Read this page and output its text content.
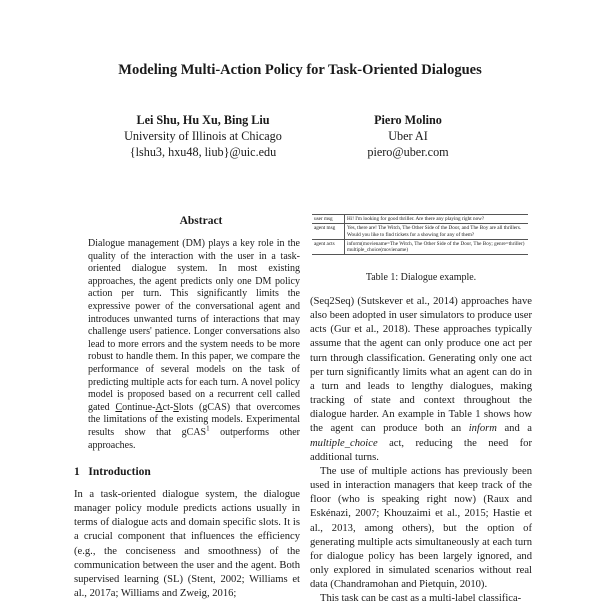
Modeling Multi-Action Policy for Task-Oriented Dialogues
Lei Shu, Hu Xu, Bing Liu
University of Illinois at Chicago
{lshu3, hxu48, liub}@uic.edu
Piero Molino
Uber AI
piero@uber.com
Abstract
Dialogue management (DM) plays a key role in the quality of the interaction with the user in a task-oriented dialogue system. In most existing approaches, the agent predicts only one DM policy action per turn. This significantly limits the expressive power of the conversational agent and introduces unwanted turns of interactions that may challenge users' patience. Longer conversations also lead to more errors and the system needs to be more robust to handle them. In this paper, we compare the performance of several models on the task of predicting multiple acts for each turn. A novel policy model is proposed based on a recurrent cell called gated Continue-Act-Slots (gCAS) that overcomes the limitations of the existing models. Experimental results show that gCAS$^1$ outperforms other approaches.
1 Introduction

In a task-oriented dialogue system, the dialogue manager policy module predicts actions usually in terms of dialogue acts and domain specific slots. It is a crucial component that influences the efficiency (e.g., the conciseness and smoothness) of the communication between the user and the agent. Both supervised learning (SL) (Stent, 2002; Williams et al., 2017a; Williams and Zweig, 2016;

user msg	Hi! I'm looking for good thriller. Are there any playing right now?
agent msg	Yes, there are! The Witch, The Other Side of the Door, and The Boy are all thrillers. Would you like to find tickets for a showing for any of them?
agent acts	inform(moviename=The Witch, The Other Side of the Door, The Boy; genre=thriller) multiple_choice(moviename)
Table 1: Dialogue example.

(Seq2Seq) (Sutskever et al., 2014) approaches have also been adopted in user simulators to produce user acts (Gur et al., 2018). These approaches typically assume that the agent can only produce one act per turn through classification. Generating only one act per turn significantly limits what an agent can do in a turn and leads to lengthy dialogues, making tracking of state and context throughout the dialogue harder. An example in Table 1 shows how the agent can produce both an inform and a multiple_choice act, reducing the need for additional turns.

The use of multiple actions has previously been used in interaction managers that keep track of the floor (who is speaking right now) (Raux and Eskénazi, 2007; Khouzaimi et al., 2015; Hastie et al., 2013, among others), but the option of generating multiple acts simultaneously at each turn for dialogue policy has been largely ignored, and only explored in simulated scenarios without real data (Chandramohan and Pietquin, 2010).

This task can be cast as a multi-label classifica-
